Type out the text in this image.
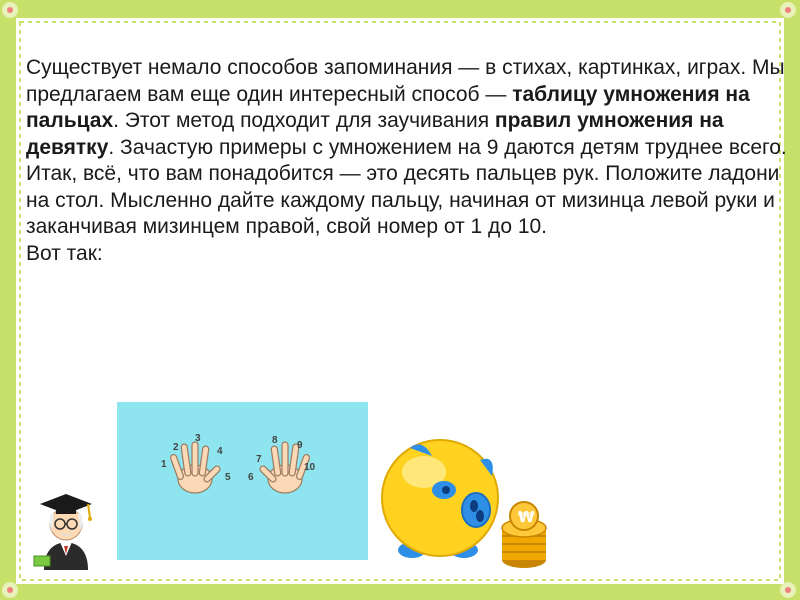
Существует немало способов запоминания — в стихах, картинках, играх. Мы предлагаем вам еще один интересный способ — таблицу умножения на пальцах. Этот метод подходит для заучивания правил умножения на девятку. Зачастую примеры с умножением на 9 даются детям труднее всего.
Итак, всё, что вам понадобится — это десять пальцев рук. Положите ладони на стол. Мысленно дайте каждому пальцу, начиная от мизинца левой руки и заканчивая мизинцем правой, свой номер от 1 до 10.
Вот так:
1
2
3
4
5 6
7
8 9
10
₩
